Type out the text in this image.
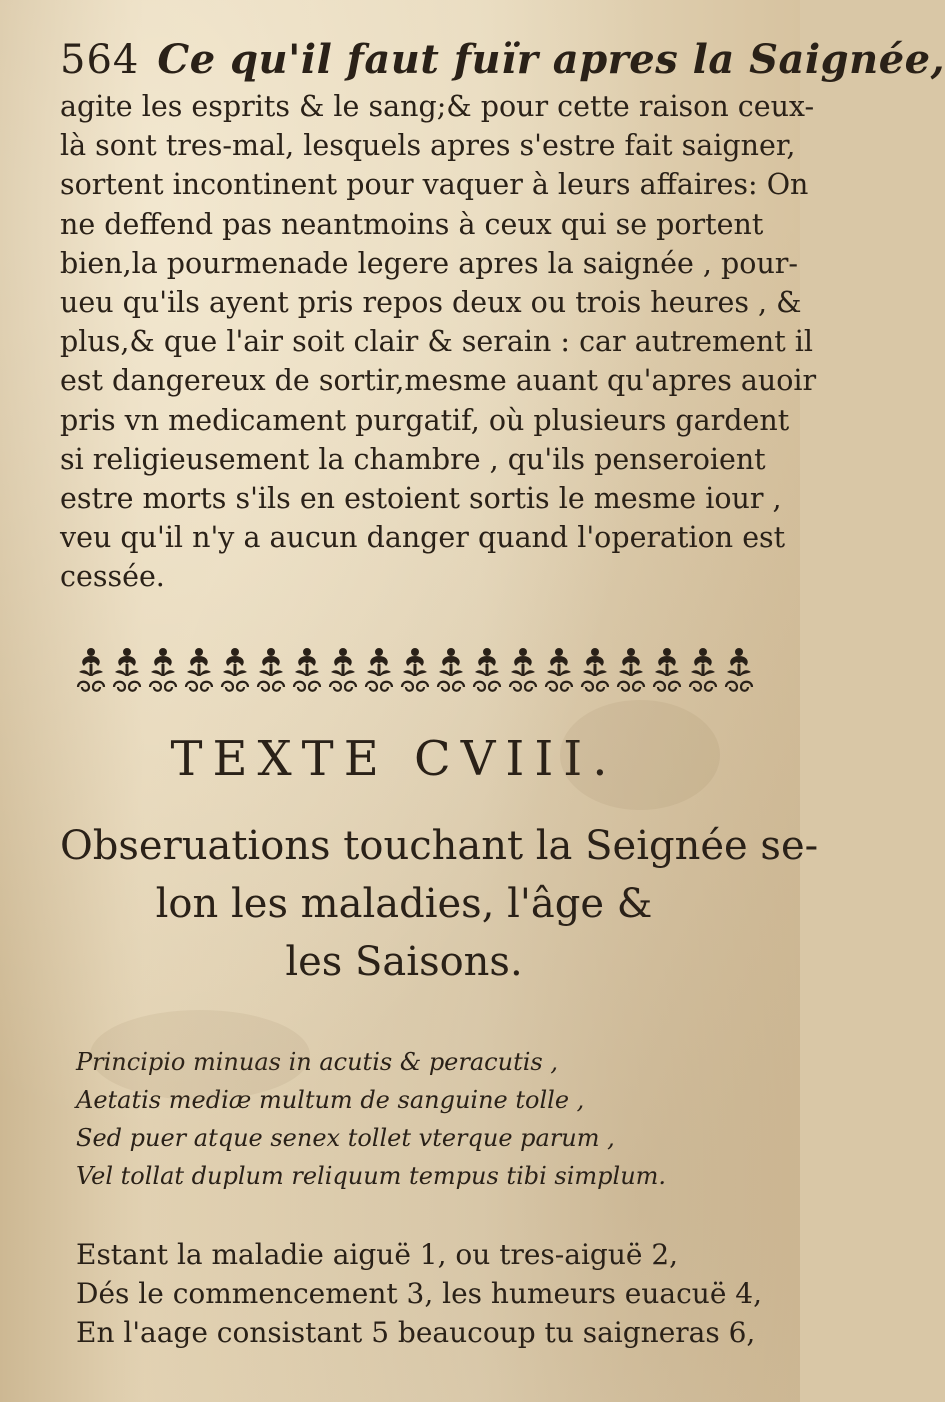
564 Ce qu'il faut fuïr apres la Saignée,

agite les esprits & le sang;& pour cette raison ceux-
là sont tres-mal, lesquels apres s'estre fait saigner,
sortent incontinent pour vaquer à leurs affaires: On
ne deffend pas neantmoins à ceux qui se portent
bien,la pourmenade legere apres la saignée , pour-
ueu qu'ils ayent pris repos deux ou trois heures , &
plus,& que l'air soit clair & serain : car autrement il
est dangereux de sortir,mesme auant qu'apres auoir
pris vn medicament purgatif, où plusieurs gardent
si religieusement la chambre , qu'ils penseroient
estre morts s'ils en estoient sortis le mesme iour ,
veu qu'il n'y a aucun danger quand l'operation est
cessée.

TEXTE CVIII.
Obseruations touchant la Seignée se-
lon les maladies, l'âge &
les Saisons.
Principio minuas in acutis & peracutis ,
Aetatis mediæ multum de sanguine tolle ,
Sed puer atque senex tollet vterque parum ,
Vel tollat duplum reliquum tempus tibi simplum.
Estant la maladie aiguë 1, ou tres-aiguë 2,
Dés le commencement 3, les humeurs euacuë 4,
En l'aage consistant 5 beaucoup tu saigneras 6,
